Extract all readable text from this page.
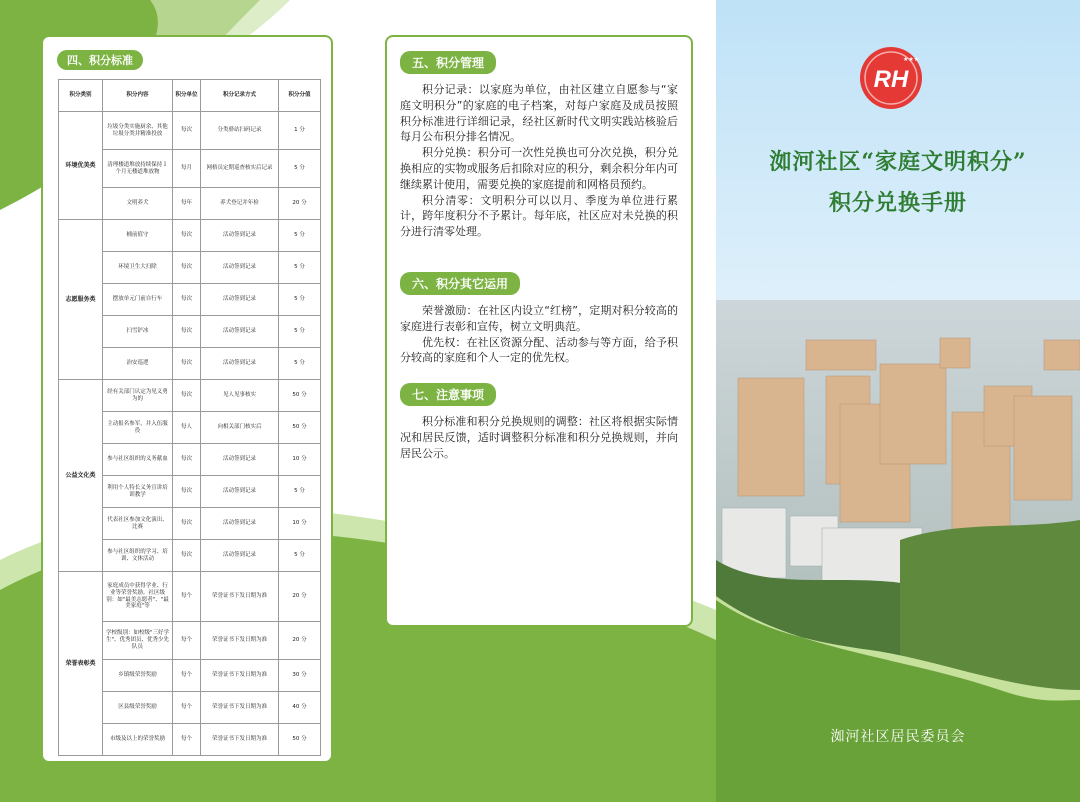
四、积分标准
积分类别	积分内容	积分单位	积分记录方式	积分分值
环境优美类	垃圾分类实施厨余、其他垃圾分类并精准投放	每次	分类驿站扫码记录	1 分
	清理楼道堆放持续保持１个月无楼道堆放物	每月	网格员定期巡查核实后记录	5 分
	文明养犬	每年	养犬登记并年检	20 分
志愿服务类	桶前值守	每次	活动签到记录	5 分
	环境卫生大扫除	每次	活动签到记录	5 分
	摆放单元门前自行车	每次	活动签到记录	5 分
	扫雪铲冰	每次	活动签到记录	5 分
	治安巡逻	每次	活动签到记录	5 分
公益文化类	经有关部门认定为见义勇为的	每次	见人见事核实	50 分
	主动报名参军，并入伍服役	每人	向相关部门核实后	50 分
	参与社区组织的义务献血	每次	活动签到记录	10 分
	利用个人特长义务宣讲培训教学	每次	活动签到记录	5 分
	代表社区参加文化演出、比赛	每次	活动签到记录	10 分
	参与社区组织的学习、培训、文体活动	每次	活动签到记录	5 分
荣誉表彰类	家庭成员中获得学业、行业等荣誉奖励。社区级别：如"最美志愿者"、"最美家庭"等	每个	荣誉证书下发日期为准	20 分
	学校级别：如校级"三好学生"、优秀团员、优秀少先队员	每个	荣誉证书下发日期为准	20 分
	乡镇级荣誉奖励	每个	荣誉证书下发日期为准	30 分
	区县级荣誉奖励	每个	荣誉证书下发日期为准	40 分
	市级及以上的荣誉奖励	每个	荣誉证书下发日期为准	50 分
五、积分管理
积分记录：以家庭为单位，由社区建立自愿参与“家庭文明积分”的家庭的电子档案，对每户家庭及成员按照积分标准进行详细记录，经社区新时代文明实践站核验后每月公布积分排名情况。
积分兑换：积分可一次性兑换也可分次兑换，积分兑换相应的实物或服务后扣除对应的积分，剩余积分年内可继续累计使用，需要兑换的家庭提前和网格员预约。
积分清零：文明积分可以以月、季度为单位进行累计，跨年度积分不予累计。每年底，社区应对未兑换的积分进行清零处理。
六、积分其它运用
荣誉激励：在社区内设立“红榜”，定期对积分较高的家庭进行表彰和宣传，树立文明典范。
优先权：在社区资源分配、活动参与等方面，给予积分较高的家庭和个人一定的优先权。
七、注意事项
积分标准和积分兑换规则的调整：社区将根据实际情况和居民反馈，适时调整积分标准和积分兑换规则，并向居民公示。
RH
★★★
洳河社区“家庭文明积分”
积分兑换手册
洳河社区居民委员会
